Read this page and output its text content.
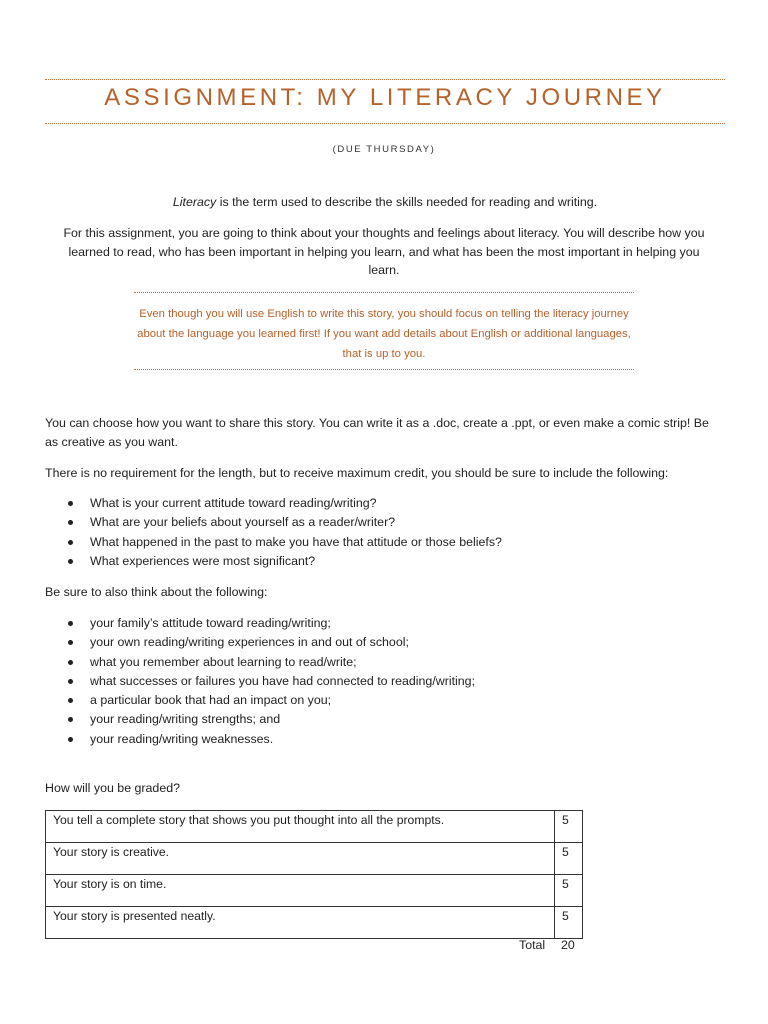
ASSIGNMENT: MY LITERACY JOURNEY
(DUE THURSDAY)
Literacy is the term used to describe the skills needed for reading and writing.
For this assignment, you are going to think about your thoughts and feelings about literacy. You will describe how you learned to read, who has been important in helping you learn, and what has been the most important in helping you learn.
Even though you will use English to write this story, you should focus on telling the literacy journey about the language you learned first! If you want add details about English or additional languages, that is up to you.
You can choose how you want to share this story. You can write it as a .doc, create a .ppt, or even make a comic strip! Be as creative as you want.
There is no requirement for the length, but to receive maximum credit, you should be sure to include the following:
What is your current attitude toward reading/writing?
What are your beliefs about yourself as a reader/writer?
What happened in the past to make you have that attitude or those beliefs?
What experiences were most significant?
Be sure to also think about the following:
your family’s attitude toward reading/writing;
your own reading/writing experiences in and out of school;
what you remember about learning to read/write;
what successes or failures you have had connected to reading/writing;
a particular book that had an impact on you;
your reading/writing strengths; and
your reading/writing weaknesses.
How will you be graded?
You tell a complete story that shows you put thought into all the prompts.	5
Your story is creative.	5
Your story is on time.	5
Your story is presented neatly.	5
Total 20
